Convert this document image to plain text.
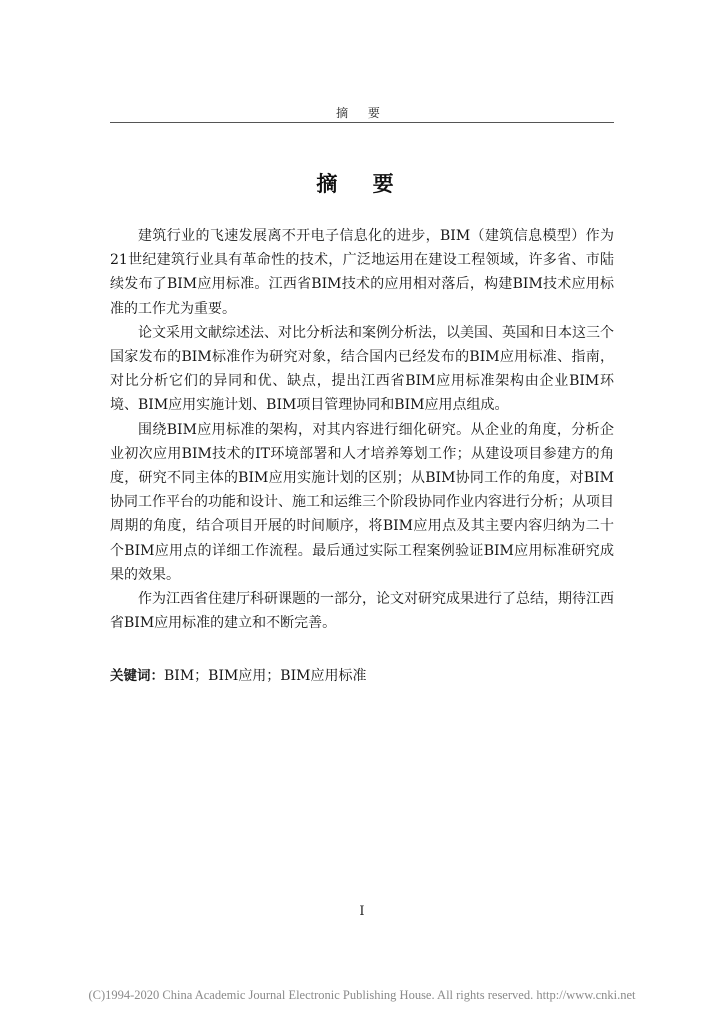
摘 要
摘 要

建筑行业的飞速发展离不开电子信息化的进步，BIM（建筑信息模型）作为21世纪建筑行业具有革命性的技术，广泛地运用在建设工程领域，许多省、市陆续发布了BIM应用标准。江西省BIM技术的应用相对落后，构建BIM技术应用标准的工作尤为重要。

论文采用文献综述法、对比分析法和案例分析法，以美国、英国和日本这三个国家发布的BIM标准作为研究对象，结合国内已经发布的BIM应用标准、指南，对比分析它们的异同和优、缺点，提出江西省BIM应用标准架构由企业BIM环境、BIM应用实施计划、BIM项目管理协同和BIM应用点组成。

围绕BIM应用标准的架构，对其内容进行细化研究。从企业的角度，分析企业初次应用BIM技术的IT环境部署和人才培养筹划工作；从建设项目参建方的角度，研究不同主体的BIM应用实施计划的区别；从BIM协同工作的角度，对BIM协同工作平台的功能和设计、施工和运维三个阶段协同作业内容进行分析；从项目周期的角度，结合项目开展的时间顺序，将BIM应用点及其主要内容归纳为二十个BIM应用点的详细工作流程。最后通过实际工程案例验证BIM应用标准研究成果的效果。

作为江西省住建厅科研课题的一部分，论文对研究成果进行了总结，期待江西省BIM应用标准的建立和不断完善。

关键词：BIM；BIM应用；BIM应用标准
I
(C)1994-2020 China Academic Journal Electronic Publishing House. All rights reserved. http://www.cnki.net
